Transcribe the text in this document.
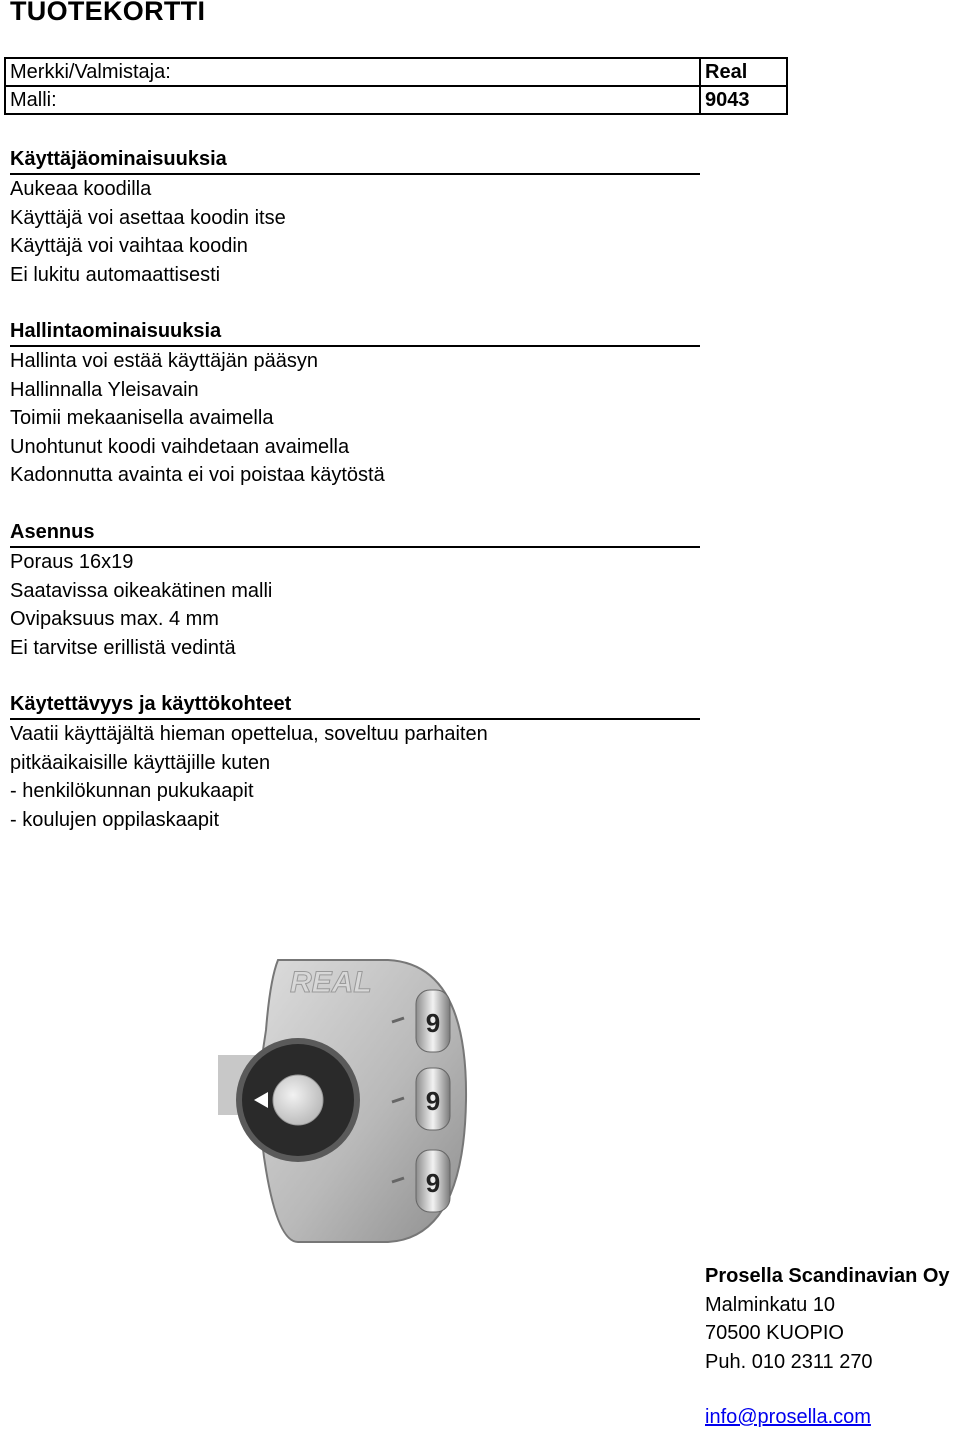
TUOTEKORTTI
Merkki/Valmistaja:	Real
Malli:	9043
Käyttäjäominaisuuksia
Aukeaa koodilla
Käyttäjä voi asettaa koodin itse
Käyttäjä voi vaihtaa koodin
Ei lukitu automaattisesti
Hallintaominaisuuksia
Hallinta voi estää käyttäjän pääsyn
Hallinnalla Yleisavain
Toimii mekaanisella avaimella
Unohtunut koodi vaihdetaan avaimella
Kadonnutta avainta ei voi poistaa käytöstä
Asennus
Poraus 16x19
Saatavissa oikeakätinen malli
Ovipaksuus max. 4 mm
Ei tarvitse erillistä vedintä
Käytettävyys ja käyttökohteet
Vaatii käyttäjältä hieman opettelua, soveltuu parhaiten
pitkäaikaisille käyttäjille kuten
- henkilökunnan pukukaapit
- koulujen oppilaskaapit
REAL
9
9
9
Prosella Scandinavian Oy
Malminkatu 10
70500 KUOPIO
Puh. 010 2311 270
info@prosella.com
